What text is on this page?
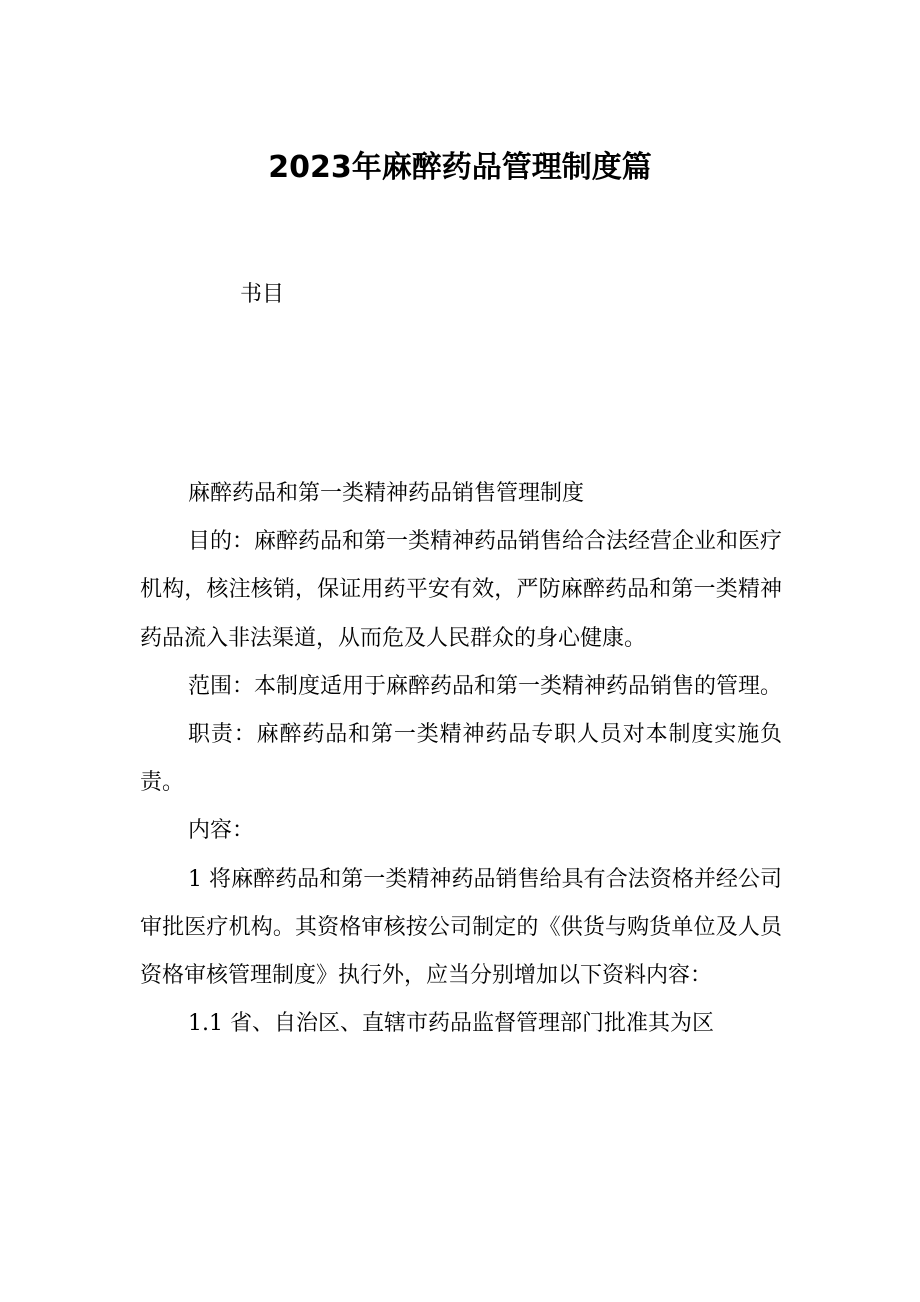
2023年麻醉药品管理制度篇
书目

麻醉药品和第一类精神药品销售管理制度

目的：麻醉药品和第一类精神药品销售给合法经营企业和医疗机构，核注核销，保证用药平安有效，严防麻醉药品和第一类精神药品流入非法渠道，从而危及人民群众的身心健康。

范围：本制度适用于麻醉药品和第一类精神药品销售的管理。

职责：麻醉药品和第一类精神药品专职人员对本制度实施负责。

内容：

1 将麻醉药品和第一类精神药品销售给具有合法资格并经公司审批医疗机构。其资格审核按公司制定的《供货与购货单位及人员资格审核管理制度》执行外，应当分别增加以下资料内容：

1.1 省、自治区、直辖市药品监督管理部门批准其为区
